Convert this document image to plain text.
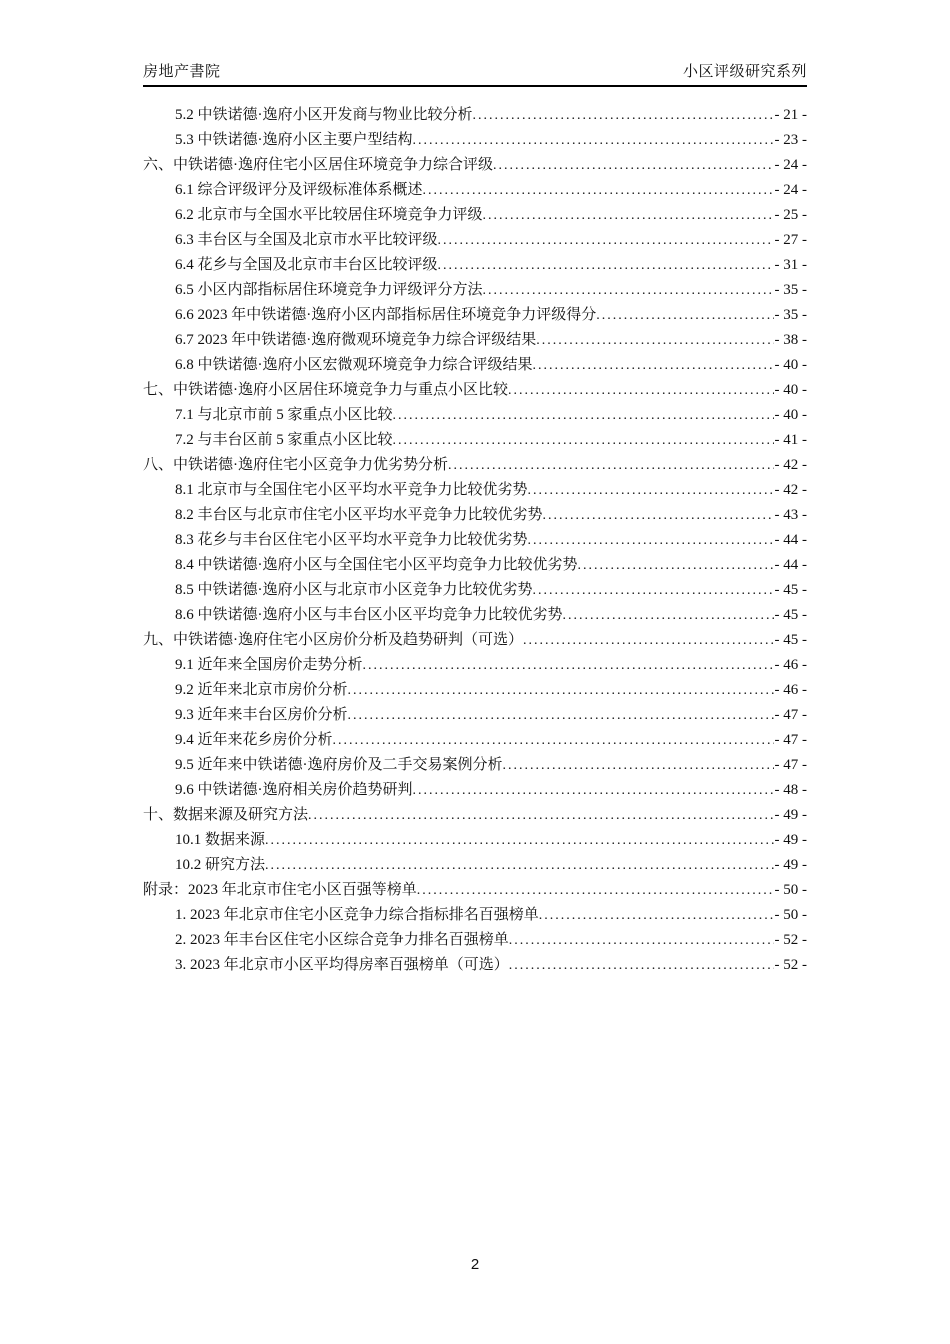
房地产書院	小区评级研究系列
5.2 中铁诺德·逸府小区开发商与物业比较分析 .....	- 21 -
5.3 中铁诺德·逸府小区主要户型结构 .....	- 23 -
六、中铁诺德·逸府住宅小区居住环境竞争力综合评级 .....	- 24 -
6.1 综合评级评分及评级标准体系概述 .....	- 24 -
6.2 北京市与全国水平比较居住环境竞争力评级 .....	- 25 -
6.3 丰台区与全国及北京市水平比较评级 .....	- 27 -
6.4 花乡与全国及北京市丰台区比较评级 .....	- 31 -
6.5 小区内部指标居住环境竞争力评级评分方法 .....	- 35 -
6.6 2023 年中铁诺德·逸府小区内部指标居住环境竞争力评级得分 .....	- 35 -
6.7 2023 年中铁诺德·逸府微观环境竞争力综合评级结果 .....	- 38 -
6.8 中铁诺德·逸府小区宏微观环境竞争力综合评级结果 .....	- 40 -
七、中铁诺德·逸府小区居住环境竞争力与重点小区比较 .....	- 40 -
7.1 与北京市前 5 家重点小区比较 .....	- 40 -
7.2 与丰台区前 5 家重点小区比较 .....	- 41 -
八、中铁诺德·逸府住宅小区竞争力优劣势分析 .....	- 42 -
8.1 北京市与全国住宅小区平均水平竞争力比较优劣势 .....	- 42 -
8.2 丰台区与北京市住宅小区平均水平竞争力比较优劣势 .....	- 43 -
8.3 花乡与丰台区住宅小区平均水平竞争力比较优劣势 .....	- 44 -
8.4 中铁诺德·逸府小区与全国住宅小区平均竞争力比较优劣势 .....	- 44 -
8.5 中铁诺德·逸府小区与北京市小区竞争力比较优劣势 .....	- 45 -
8.6 中铁诺德·逸府小区与丰台区小区平均竞争力比较优劣势 .....	- 45 -
九、中铁诺德·逸府住宅小区房价分析及趋势研判（可选） .....	- 45 -
9.1 近年来全国房价走势分析 .....	- 46 -
9.2 近年来北京市房价分析 .....	- 46 -
9.3 近年来丰台区房价分析 .....	- 47 -
9.4 近年来花乡房价分析 .....	- 47 -
9.5 近年来中铁诺德·逸府房价及二手交易案例分析 .....	- 47 -
9.6 中铁诺德·逸府相关房价趋势研判 .....	- 48 -
十、数据来源及研究方法 .....	- 49 -
10.1 数据来源 .....	- 49 -
10.2 研究方法 .....	- 49 -
附录：2023 年北京市住宅小区百强等榜单 .....	- 50 -
1. 2023 年北京市住宅小区竞争力综合指标排名百强榜单 .....	- 50 -
2. 2023 年丰台区住宅小区综合竞争力排名百强榜单 .....	- 52 -
3. 2023 年北京市小区平均得房率百强榜单（可选） .....	- 52 -
2
